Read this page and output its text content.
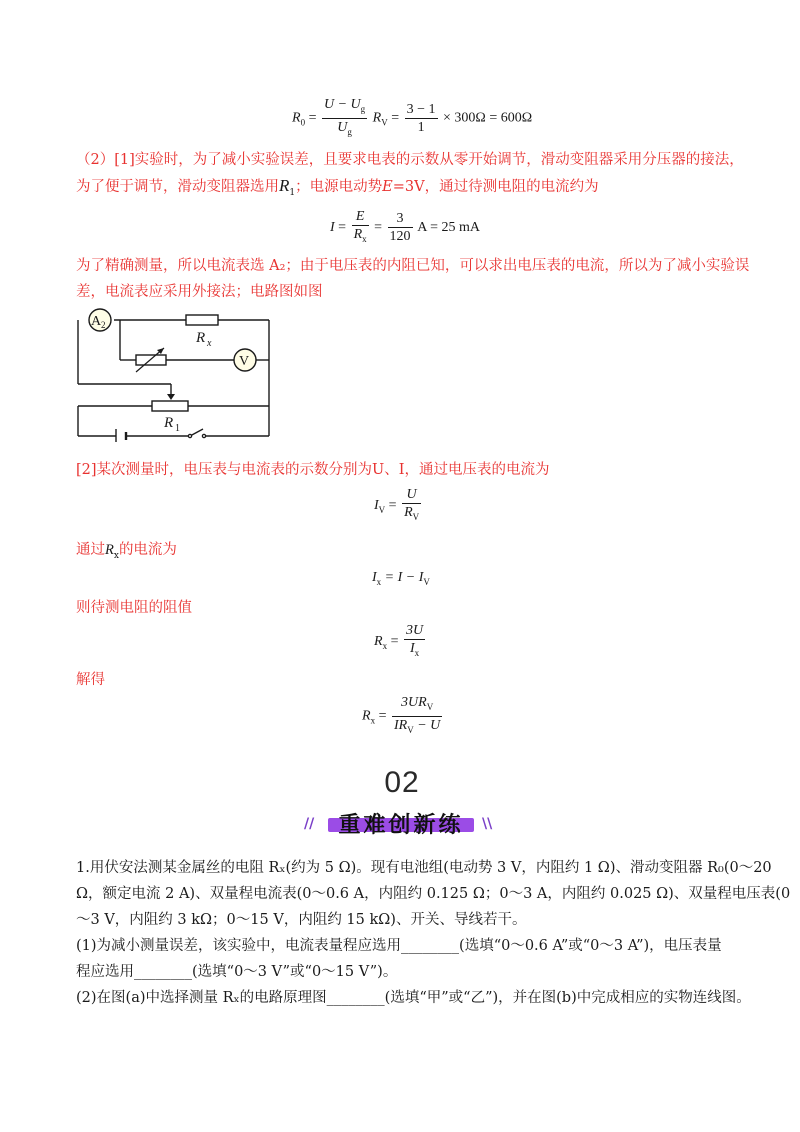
$R_0 = \frac{U - U_g}{U_g} R_V = \frac{3 - 1}{1} \times 300\Omega = 600\Omega$
（2）[1]实验时，为了减小实验误差，且要求电表的示数从零开始调节，滑动变阻器采用分压器的接法，
为了便于调节，滑动变阻器选用$R_1$；电源电动势E=3V，通过待测电阻的电流约为
$I = \frac{E}{R_x} = \frac{3}{120}$ A = 25 mA
为了精确测量，所以电流表选 A₂；由于电压表的内阻已知，可以求出电压表的电流，所以为了减小实验误
差，电流表应采用外接法；电路图如图
A 2
V
R x
R 1
[2]某次测量时，电压表与电流表的示数分别为U、I，通过电压表的电流为
$I_V = \frac{U}{R_V}$
通过$R_x$的电流为
$I_x = I - I_V$
则待测电阻的阻值
$R_x = \frac{3U}{I_x}$
解得
$R_x = \frac{3UR_V}{IR_V - U}$
02
//	重难创新练	\\
1.用伏安法测某金属丝的电阻 Rₓ(约为 5 Ω)。现有电池组(电动势 3 V，内阻约 1 Ω)、滑动变阻器 R₀(0～20
Ω，额定电流 2 A)、双量程电流表(0～0.6 A，内阻约 0.125 Ω；0～3 A，内阻约 0.025 Ω)、双量程电压表(0
～3 V，内阻约 3 kΩ；0～15 V，内阻约 15 kΩ)、开关、导线若干。
(1)为减小测量误差，该实验中，电流表量程应选用________(选填“0～0.6 A”或“0～3 A”)，电压表量
程应选用________(选填“0～3 V”或“0～15 V”)。
(2)在图(a)中选择测量 Rₓ的电路原理图________(选填“甲”或“乙”)，并在图(b)中完成相应的实物连线图。
